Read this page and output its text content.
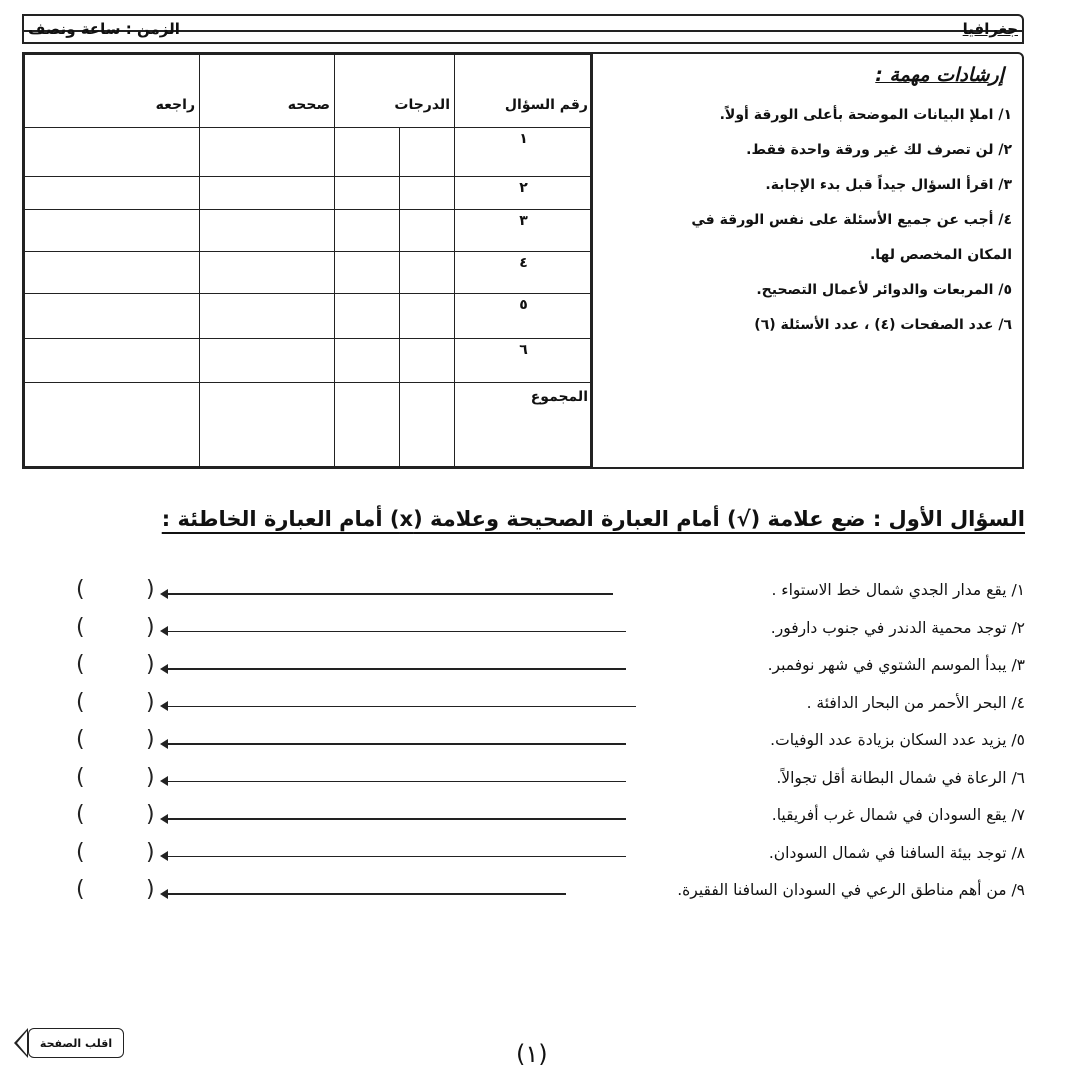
جغرافيا
الزمن : ساعة ونصف
إرشادات مهمة :
١/ املإ البيانات الموضحة بأعلى الورقة أولاً.
٢/ لن تصرف لك غير ورقة واحدة فقط.
٣/ اقرأ السؤال جيداً قبل بدء الإجابة.
٤/ أجب عن جميع الأسئلة على نفس الورقة في
المكان المخصص لها.
٥/ المربعات والدوائر لأعمال التصحيح.
٦/ عدد الصفحات (٤) ، عدد الأسئلة (٦)
رقم السؤال	الدرجات		صححه	راجعه
١				
٢				
٣				
٤				
٥				
٦				
المجموع				
السؤال الأول : ضع علامة (√) أمام العبارة الصحيحة وعلامة (x) أمام العبارة الخاطئة :
(	)	١/ يقع مدار الجدي شمال خط الاستواء .
(	)	٢/ توجد محمية الدندر في جنوب دارفور.
(	)	٣/ يبدأ الموسم الشتوي في شهر نوفمبر.
(	)	٤/ البحر الأحمر من البحار الدافئة .
(	)	٥/ يزيد عدد السكان بزيادة عدد الوفيات.
(	)	٦/ الرعاة في شمال البطانة أقل تجوالاً.
(	)	٧/ يقع السودان في شمال غرب أفريقيا.
(	)	٨/ توجد بيئة السافنا في شمال السودان.
(	)	٩/ من أهم مناطق الرعي في السودان السافنا الفقيرة.
اقلب الصفحة	(١)
